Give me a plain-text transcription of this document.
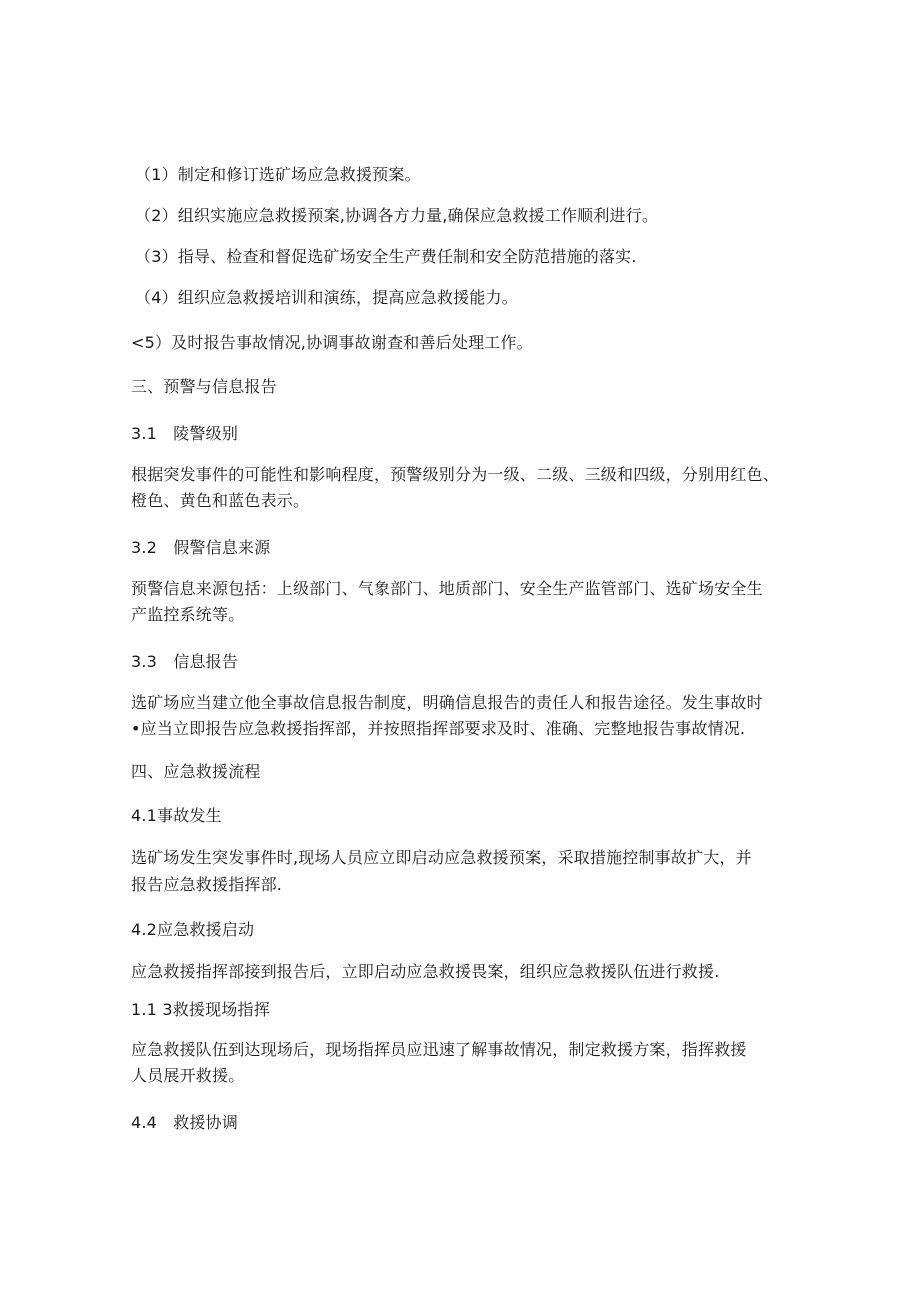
（1）制定和修订选矿场应急救援预案。
（2）组织实施应急救援预案,协调各方力量,确保应急救援工作顺利进行。
（3）指导、检查和督促选矿场安全生产费任制和安全防范措施的落实.
（4）组织应急救援培训和演练，提高应急救援能力。
<5）及时报告事故情况,协调事故谢查和善后处理工作。
三、预警与信息报告
3.1　陵警级别
根据突发事件的可能性和影响程度，预警级别分为一级、二级、三级和四级，分别用红色、
橙色、黄色和蓝色表示。
3.2　假警信息来源
预警信息来源包括：上级部门、气象部门、地质部门、安全生产监管部门、选矿场安全生
产监控系统等。
3.3　信息报告
选矿场应当建立他全事故信息报告制度，明确信息报告的责任人和报告途径。发生事故时
•应当立即报告应急救援指挥部，并按照指挥部要求及时、准确、完整地报告事故情况.
四、应急救援流程
4.1事故发生
选矿场发生突发事件时,现场人员应立即启动应急救援预案，采取措施控制事故扩大，并
报告应急救援指挥部.
4.2应急救援启动
应急救援指挥部接到报告后，立即启动应急救援畏案，组织应急救援队伍进行救援.
1.1 3救援现场指挥
应急救援队伍到达现场后，现场指挥员应迅速了解事故情况，制定救援方案，指挥救援
人员展开救援。
4.4　救援协调
